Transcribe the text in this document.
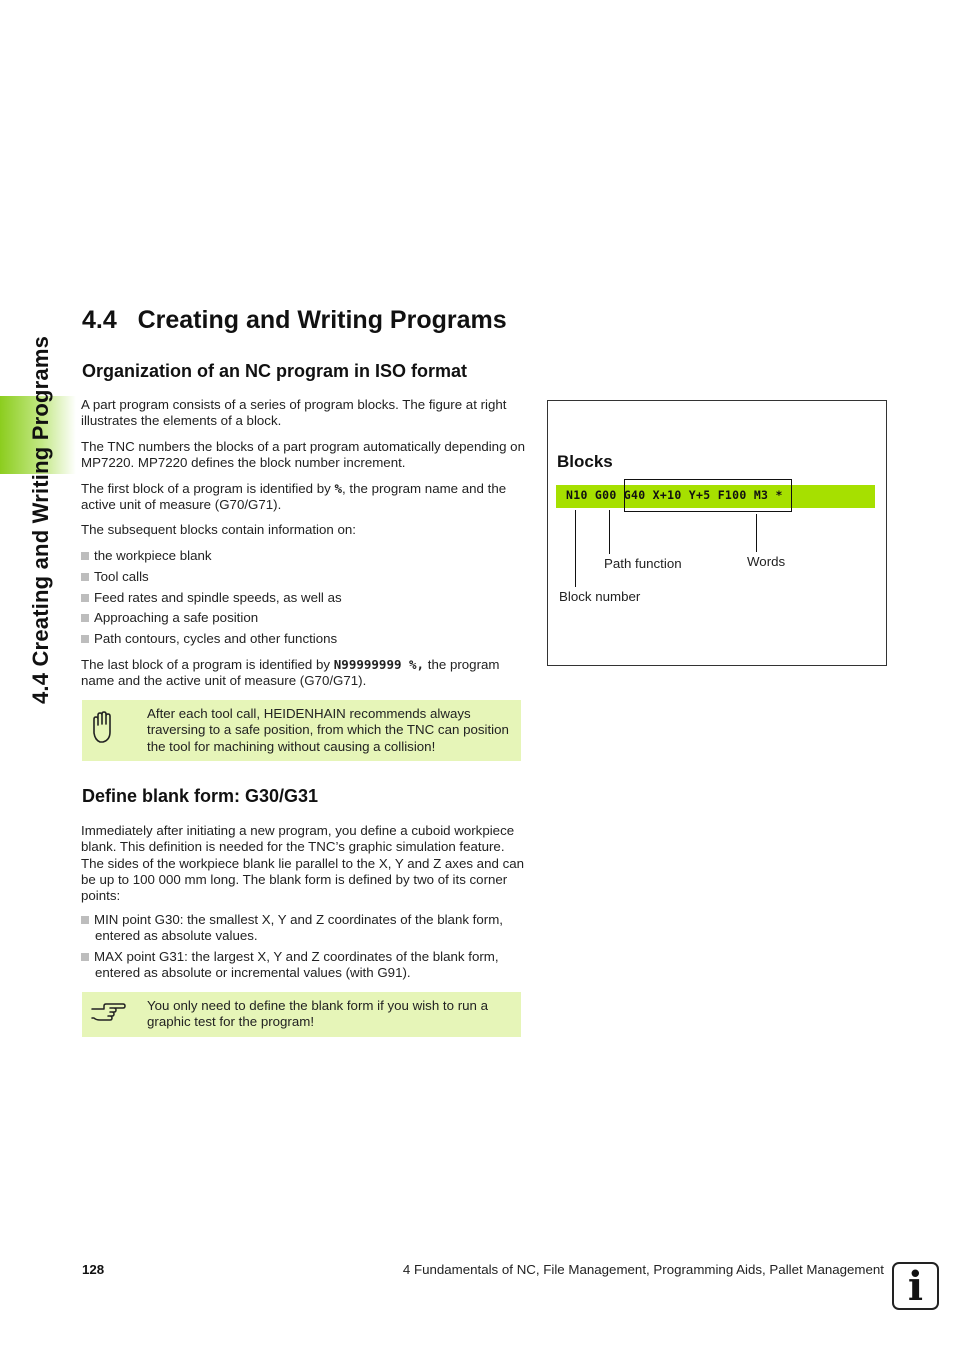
4.4 Creating and Writing Programs
4.4   Creating and Writing Programs
Organization of an NC program in ISO format

A part program consists of a series of program blocks. The figure at right illustrates the elements of a block.

The TNC numbers the blocks of a part program automatically depending on MP7220. MP7220 defines the block number increment.

The first block of a program is identified by %, the program name and the active unit of measure (G70/G71).

The subsequent blocks contain information on:

the workpiece blank

Tool calls

Feed rates and spindle speeds, as well as

Approaching a safe position

Path contours, cycles and other functions

The last block of a program is identified by N99999999 %, the program name and the active unit of measure (G70/G71).

After each tool call, HEIDENHAIN recommends always traversing to a safe position, from which the TNC can position the tool for machining without causing a collision!
Define blank form: G30/G31

Immediately after initiating a new program, you define a cuboid workpiece blank. This definition is needed for the TNC’s graphic simulation feature. The sides of the workpiece blank lie parallel to the X, Y and Z axes and can be up to 100 000 mm long. The blank form is defined by two of its corner points:

MIN point G30: the smallest X, Y and Z coordinates of the blank form, entered as absolute values.

MAX point G31: the largest X, Y and Z coordinates of the blank form, entered as absolute or incremental values (with G91).

You only need to define the blank form if you wish to run a graphic test for the program!
Blocks
N10 G00 G40 X+10 Y+5 F100 M3 *
Path function	Words
Block number
128	4 Fundamentals of NC, File Management, Programming Aids, Pallet Management i
